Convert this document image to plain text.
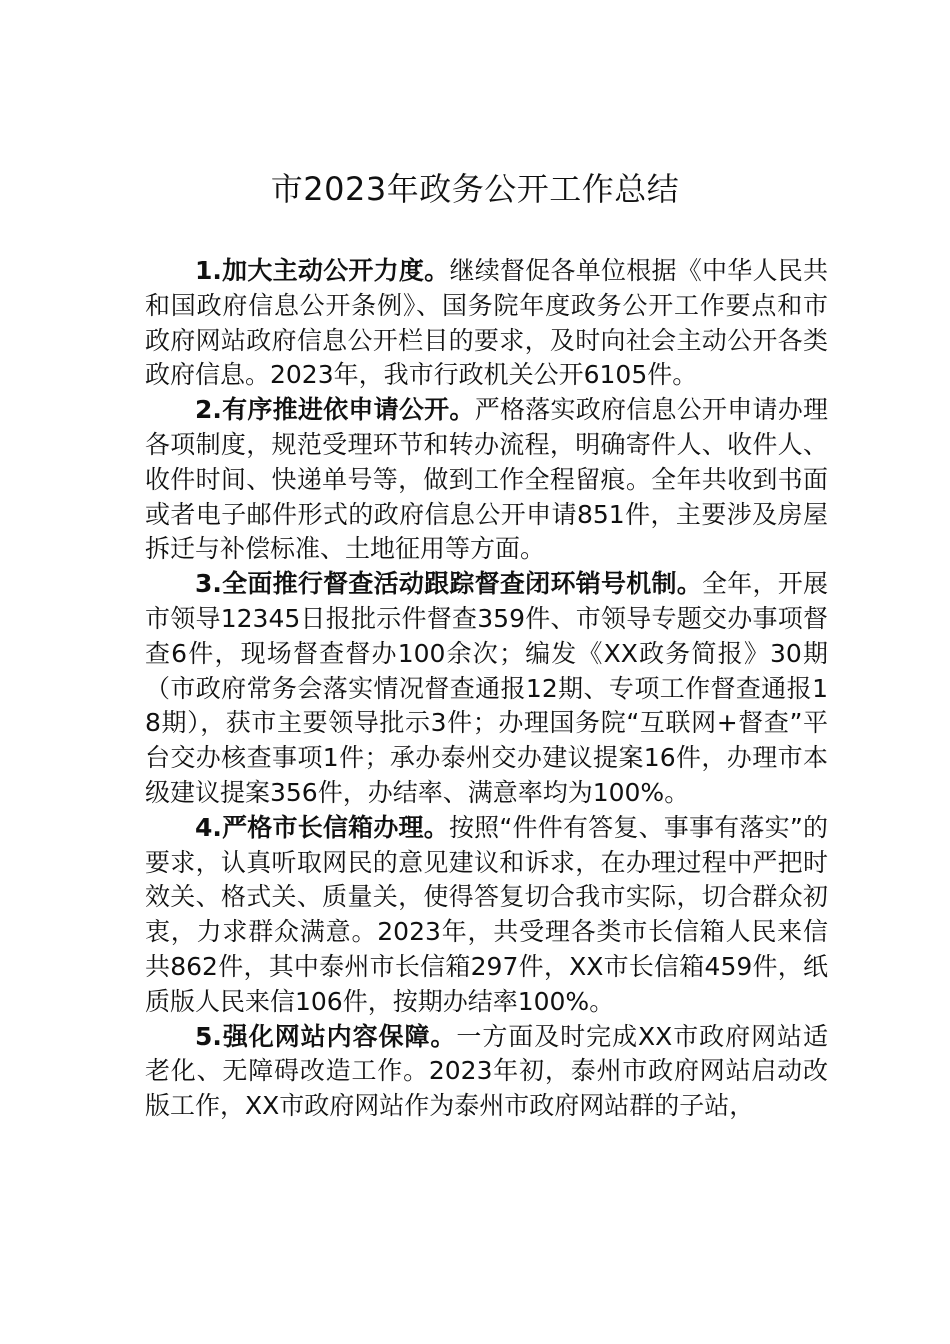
市2023年政务公开工作总结

1.加大主动公开力度。继续督促各单位根据《中华人民共和国政府信息公开条例》、国务院年度政务公开工作要点和市政府网站政府信息公开栏目的要求，及时向社会主动公开各类政府信息。2023年，我市行政机关公开6105件。

2.有序推进依申请公开。严格落实政府信息公开申请办理各项制度，规范受理环节和转办流程，明确寄件人、收件人、收件时间、快递单号等，做到工作全程留痕。全年共收到书面或者电子邮件形式的政府信息公开申请851件，主要涉及房屋拆迁与补偿标准、土地征用等方面。

3.全面推行督查活动跟踪督查闭环销号机制。全年，开展市领导12345日报批示件督查359件、市领导专题交办事项督查6件，现场督查督办100余次；编发《XX政务简报》30期（市政府常务会落实情况督查通报12期、专项工作督查通报18期），获市主要领导批示3件；办理国务院“互联网+督查”平台交办核查事项1件；承办泰州交办建议提案16件，办理市本级建议提案356件，办结率、满意率均为100%。

4.严格市长信箱办理。按照“件件有答复、事事有落实”的要求，认真听取网民的意见建议和诉求，在办理过程中严把时效关、格式关、质量关，使得答复切合我市实际，切合群众初衷，力求群众满意。2023年，共受理各类市长信箱人民来信共862件，其中泰州市长信箱297件，XX市长信箱459件，纸质版人民来信106件，按期办结率100%。

5.强化网站内容保障。一方面及时完成XX市政府网站适老化、无障碍改造工作。2023年初，泰州市政府网站启动改版工作，XX市政府网站作为泰州市政府网站群的子站，
